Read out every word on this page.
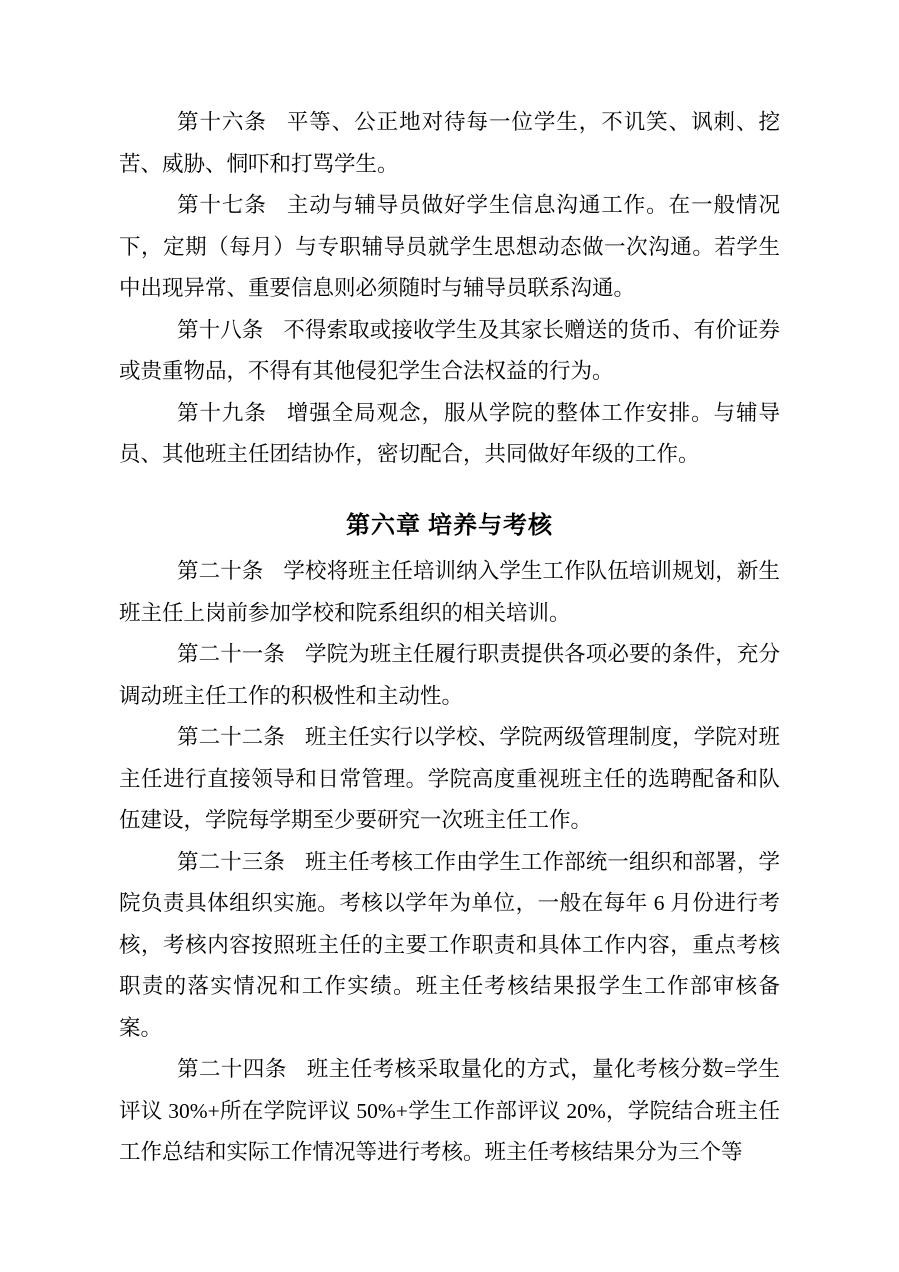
第十六条 平等、公正地对待每一位学生，不讥笑、讽刺、挖苦、威胁、恫吓和打骂学生。

第十七条 主动与辅导员做好学生信息沟通工作。在一般情况下，定期（每月）与专职辅导员就学生思想动态做一次沟通。若学生中出现异常、重要信息则必须随时与辅导员联系沟通。

第十八条 不得索取或接收学生及其家长赠送的货币、有价证券或贵重物品，不得有其他侵犯学生合法权益的行为。

第十九条 增强全局观念，服从学院的整体工作安排。与辅导员、其他班主任团结协作，密切配合，共同做好年级的工作。

第六章 培养与考核

第二十条 学校将班主任培训纳入学生工作队伍培训规划，新生班主任上岗前参加学校和院系组织的相关培训。

第二十一条 学院为班主任履行职责提供各项必要的条件，充分调动班主任工作的积极性和主动性。

第二十二条 班主任实行以学校、学院两级管理制度，学院对班主任进行直接领导和日常管理。学院高度重视班主任的选聘配备和队伍建设，学院每学期至少要研究一次班主任工作。

第二十三条 班主任考核工作由学生工作部统一组织和部署，学院负责具体组织实施。考核以学年为单位，一般在每年 6 月份进行考核，考核内容按照班主任的主要工作职责和具体工作内容，重点考核职责的落实情况和工作实绩。班主任考核结果报学生工作部审核备案。

第二十四条 班主任考核采取量化的方式，量化考核分数=学生评议 30%+所在学院评议 50%+学生工作部评议 20%，学院结合班主任工作总结和实际工作情况等进行考核。班主任考核结果分为三个等
